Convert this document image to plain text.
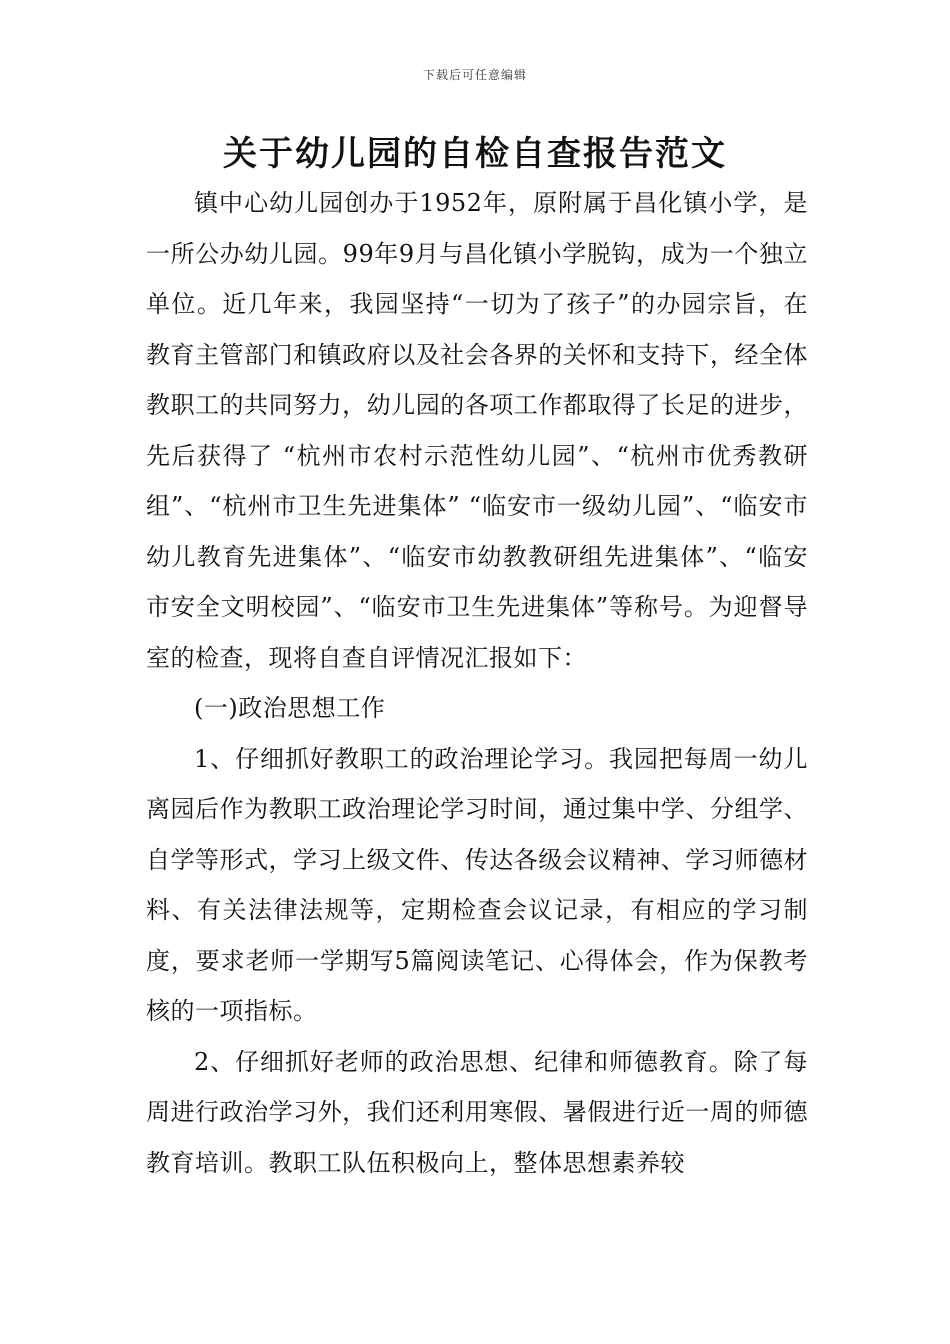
下载后可任意编辑
关于幼儿园的自检自查报告范文

镇中心幼儿园创办于1952年，原附属于昌化镇小学，是一所公办幼儿园。99年9月与昌化镇小学脱钩，成为一个独立单位。近几年来，我园坚持“一切为了孩子”的办园宗旨，在教育主管部门和镇政府以及社会各界的关怀和支持下，经全体教职工的共同努力，幼儿园的各项工作都取得了长足的进步，先后获得了 “杭州市农村示范性幼儿园”、“杭州市优秀教研组”、“杭州市卫生先进集体” “临安市一级幼儿园”、“临安市幼儿教育先进集体”、“临安市幼教教研组先进集体”、“临安市安全文明校园”、“临安市卫生先进集体”等称号。为迎督导室的检查，现将自查自评情况汇报如下：

(一)政治思想工作

1、仔细抓好教职工的政治理论学习。我园把每周一幼儿离园后作为教职工政治理论学习时间，通过集中学、分组学、自学等形式，学习上级文件、传达各级会议精神、学习师德材料、有关法律法规等，定期检查会议记录，有相应的学习制度，要求老师一学期写5篇阅读笔记、心得体会，作为保教考核的一项指标。

2、仔细抓好老师的政治思想、纪律和师德教育。除了每周进行政治学习外，我们还利用寒假、暑假进行近一周的师德教育培训。教职工队伍积极向上，整体思想素养较
